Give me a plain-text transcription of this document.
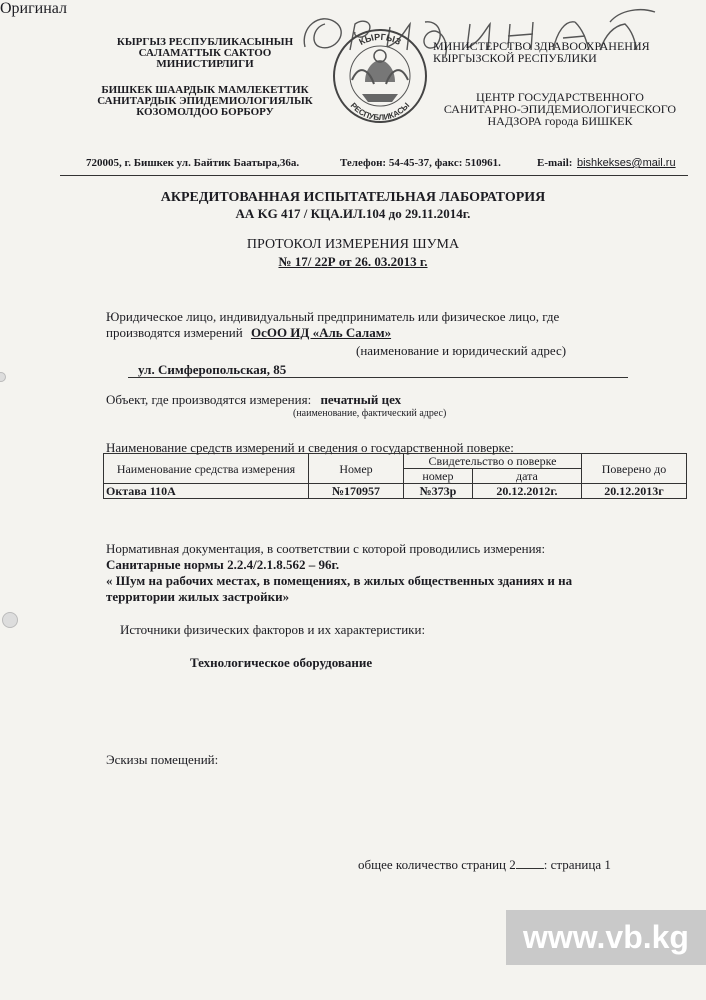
Оригинал
КЫРГЫЗ РЕСПУБЛИКАСЫНЫН
САЛАМАТТЫК САКТОО
МИНИСТИРЛИГИ
БИШКЕК ШААРДЫК МАМЛЕКЕТТИК
САНИТАРДЫК ЭПИДЕМИОЛОГИЯЛЫК
КОЗОМОЛДОО БОРБОРУ
КЫРГЫЗ
РЕСПУБЛИКАСЫ
МИНИСТЕРСТВО ЗДРАВООХРАНЕНИЯ
КЫРГЫЗСКОЙ РЕСПУБЛИКИ
ЦЕНТР ГОСУДАРСТВЕННОГО
САНИТАРНО-ЭПИДЕМИОЛОГИЧЕСКОГО
НАДЗОРА города БИШКЕК
720005, г. Бишкек ул. Байтик Баатыра,36а.	Телефон: 54-45-37, факс: 510961.	E-mail: bishkekses@mail.ru

АКРЕДИТОВАННАЯ ИСПЫТАТЕЛЬНАЯ ЛАБОРАТОРИЯ
АА KG 417 / КЦА.ИЛ.104 до 29.11.2014г.
ПРОТОКОЛ ИЗМЕРЕНИЯ ШУМА
№ 17/ 22Р от 26. 03.2013 г.
Юридическое лицо, индивидуальный предприниматель или физическое лицо, где
производятся измерений ОсОО ИД «Аль Салам»
(наименование и юридический адрес)
ул. Симферопольская, 85
Объект, где производятся измерения: печатный цех
(наименование, фактический адрес)
Наименование средств измерений и сведения о государственной поверке:
Наименование средства измерения	Номер	Свидетельство о поверке		Поверено до
		номер	дата	
Октава 110А	№170957	№373р	20.12.2012г.	20.12.2013г
Нормативная документация, в соответствии с которой проводились измерения:
Санитарные нормы 2.2.4/2.1.8.562 – 96г.
« Шум на рабочих местах, в помещениях, в жилых общественных зданиях и на
территории жилых застройки»
Источники физических факторов и их характеристики:
Технологическое оборудование
Эскизы помещений:
общее количество страниц 2 : страница 1
www.vb.kg
